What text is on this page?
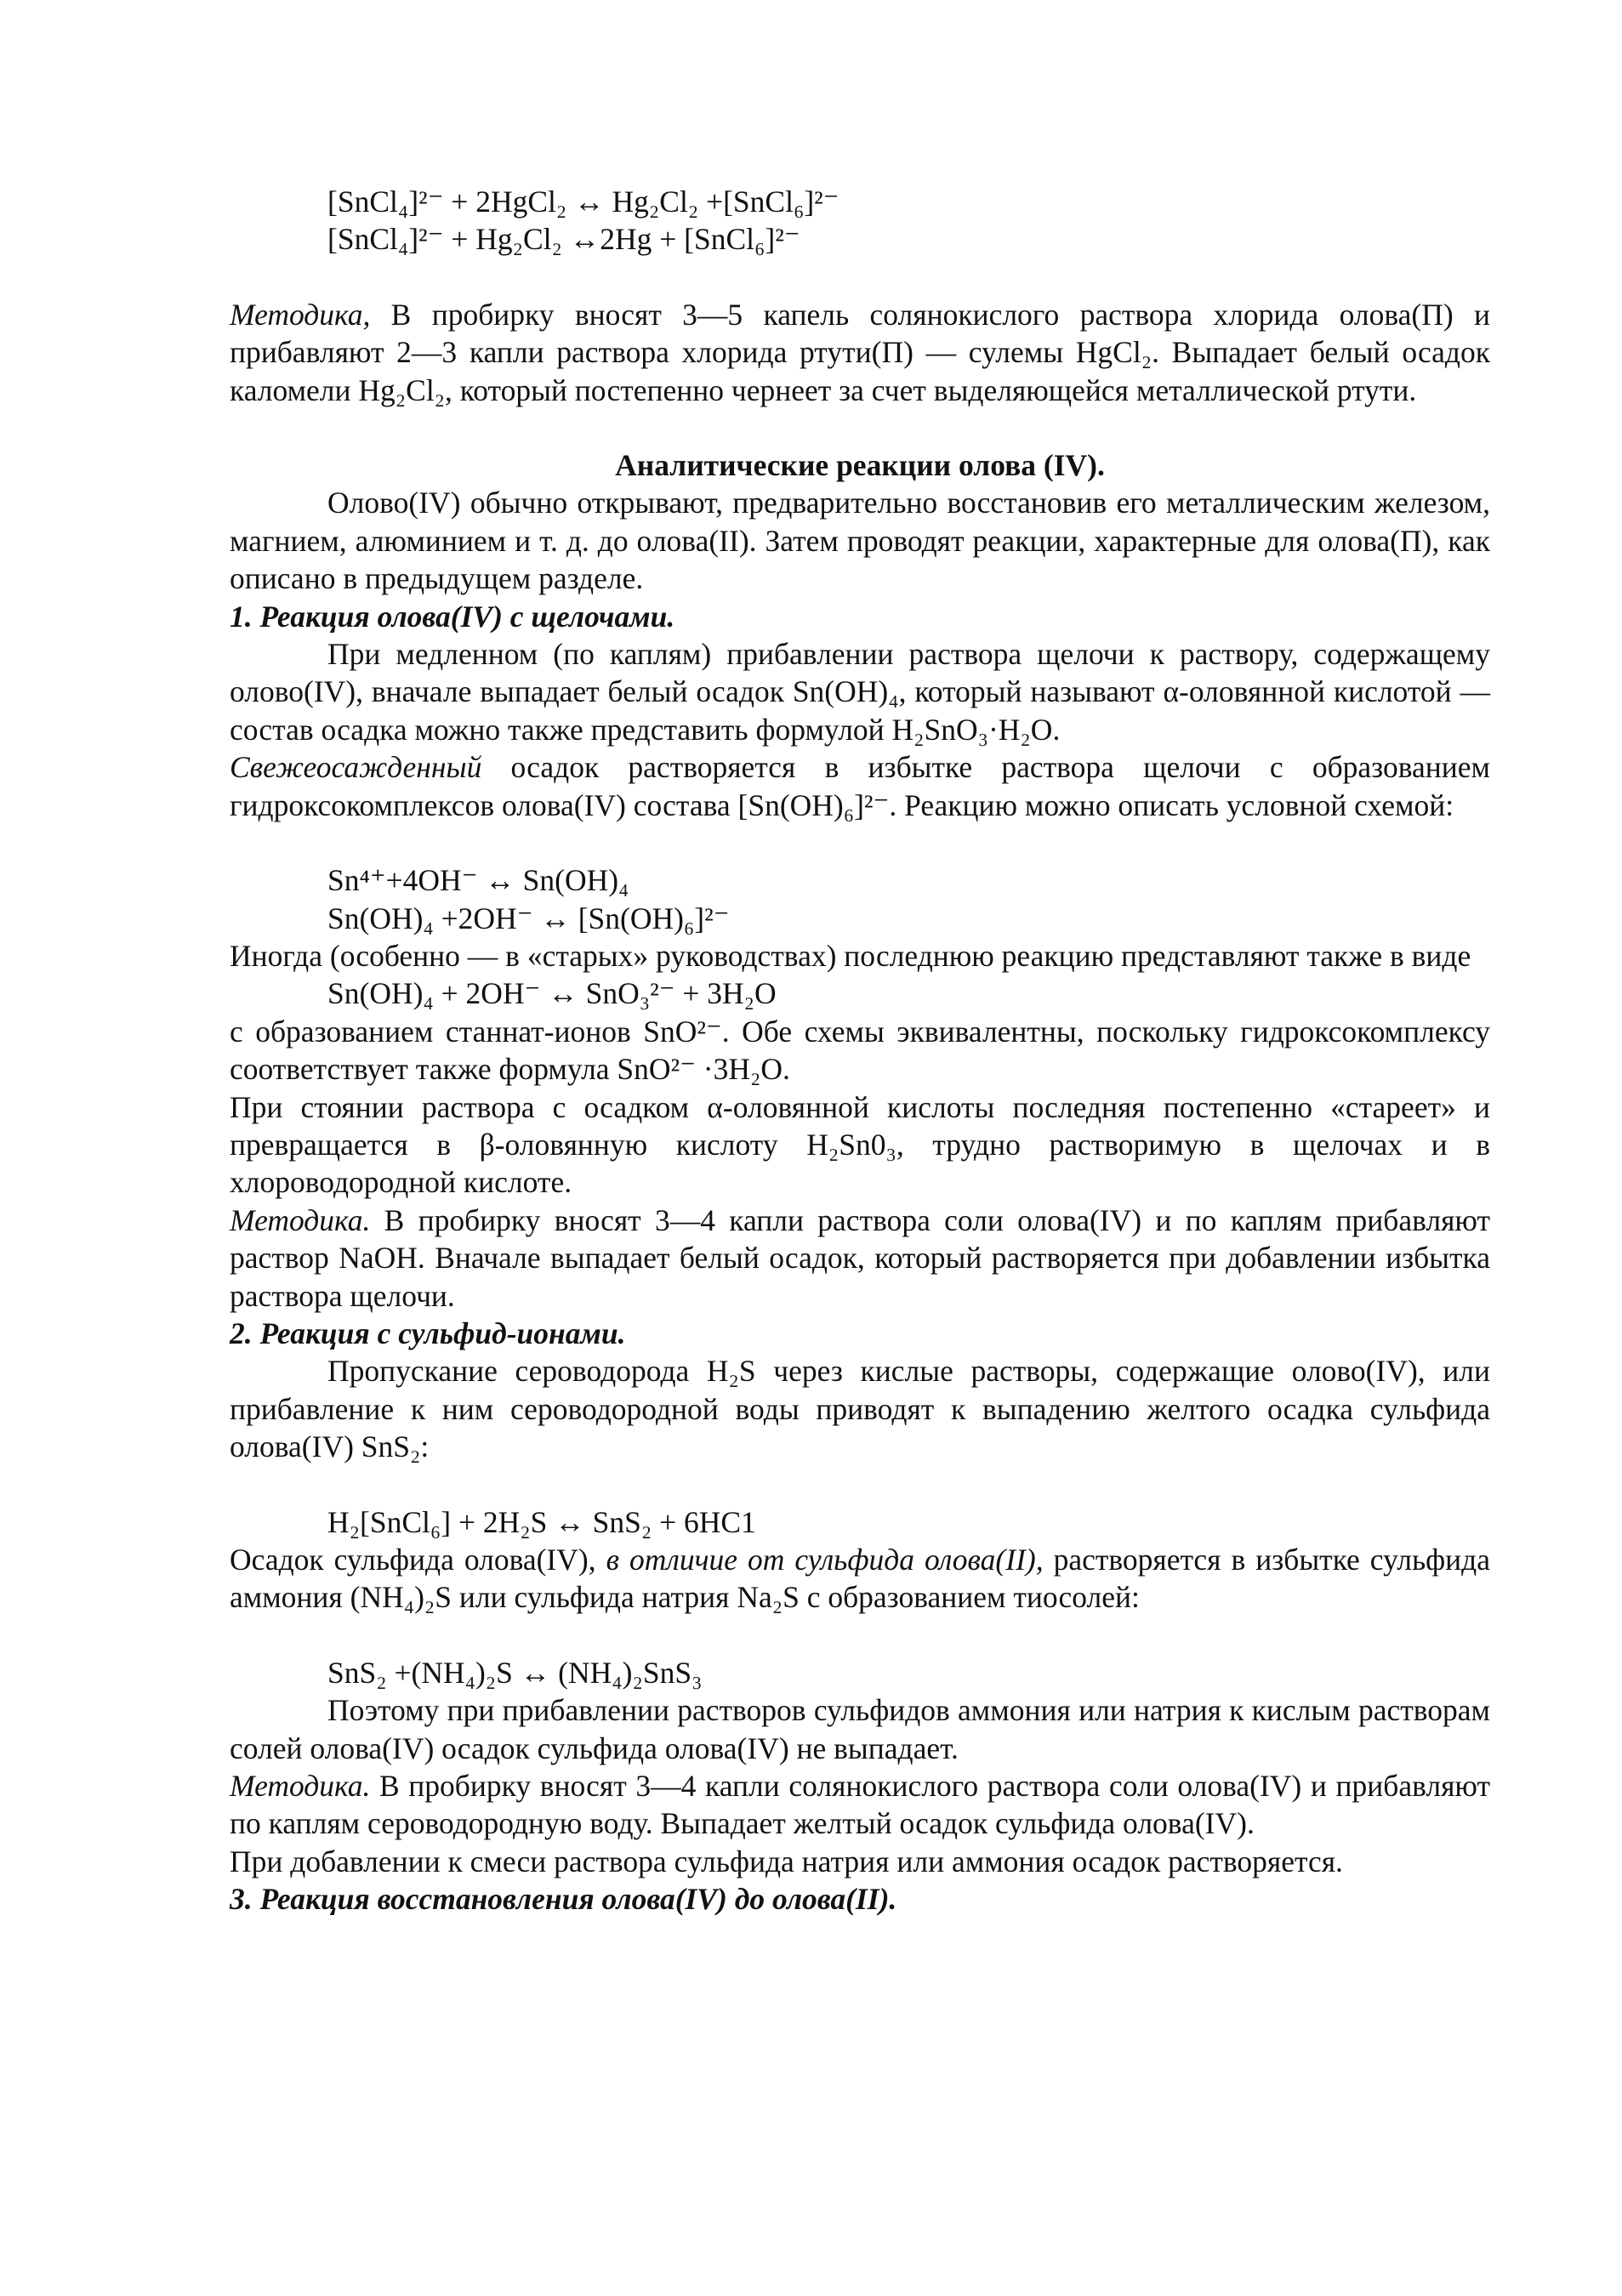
[SnCl₄]²⁻ + 2HgCl₂ ↔ Hg₂Cl₂ +[SnCl₆]²⁻
[SnCl₄]²⁻ + Hg₂Cl₂ ↔2Hg + [SnCl₆]²⁻

Методика, В пробирку вносят 3—5 капель солянокислого раствора хлорида олова(П) и прибавляют 2—3 капли раствора хлорида ртути(П) — сулемы HgCl₂. Выпадает белый осадок каломели Hg₂Cl₂, который постепенно чернеет за счет выделяющейся металлической ртути.

Аналитические реакции олова (IV).

Олово(IV) обычно открывают, предварительно восстановив его металлическим железом, магнием, алюминием и т. д. до олова(II). Затем проводят реакции, характерные для олова(П), как описано в предыдущем разделе.

1. Реакция олова(IV) с щелочами.

При медленном (по каплям) прибавлении раствора щелочи к раствору, содержащему олово(IV), вначале выпадает белый осадок Sn(OH)₄, который называют α-оловянной кислотой — состав осадка можно также представить формулой H₂SnO₃·H₂O.

Свежеосажденный осадок растворяется в избытке раствора щелочи с образованием гидроксокомплексов олова(IV) состава [Sn(OH)₆]²⁻. Реакцию можно описать условной схемой:

Sn⁴⁺+4OH⁻ ↔ Sn(OH)₄
Sn(OH)₄ +2OH⁻ ↔ [Sn(OH)₆]²⁻

Иногда (особенно — в «старых» руководствах) последнюю реакцию представляют также в виде

Sn(OH)₄ + 2OH⁻ ↔ SnO₃²⁻ + 3H₂O

с образованием станнат-ионов SnO²⁻. Обе схемы эквивалентны, поскольку гидроксокомплексу соответствует также формула SnO²⁻ ·3H₂O.

При стоянии раствора с осадком α-оловянной кислоты последняя постепенно «стареет» и превращается в β-оловянную кислоту H₂Sn0₃, трудно растворимую в щелочах и в хлороводородной кислоте.

Методика. В пробирку вносят 3—4 капли раствора соли олова(IV) и по каплям прибавляют раствор NaOH. Вначале выпадает белый осадок, который растворяется при добавлении избытка раствора щелочи.

2. Реакция с сульфид-ионами.

Пропускание сероводорода H₂S через кислые растворы, содержащие олово(IV), или прибавление к ним сероводородной воды приводят к выпадению желтого осадка сульфида олова(IV) SnS₂:

H₂[SnCl₆] + 2H₂S ↔ SnS₂ + 6HC1

Осадок сульфида олова(IV), в отличие от сульфида олова(II), растворяется в избытке сульфида аммония (NH₄)₂S или сульфида натрия Na₂S с образованием тиосолей:

SnS₂ +(NH₄)₂S ↔ (NH₄)₂SnS₃

Поэтому при прибавлении растворов сульфидов аммония или натрия к кислым растворам солей олова(IV) осадок сульфида олова(IV) не выпадает.

Методика. В пробирку вносят 3—4 капли солянокислого раствора соли олова(IV) и прибавляют по каплям сероводородную воду. Выпадает желтый осадок сульфида олова(IV).

При добавлении к смеси раствора сульфида натрия или аммония осадок растворяется.

3. Реакция восстановления олова(IV) до олова(II).
